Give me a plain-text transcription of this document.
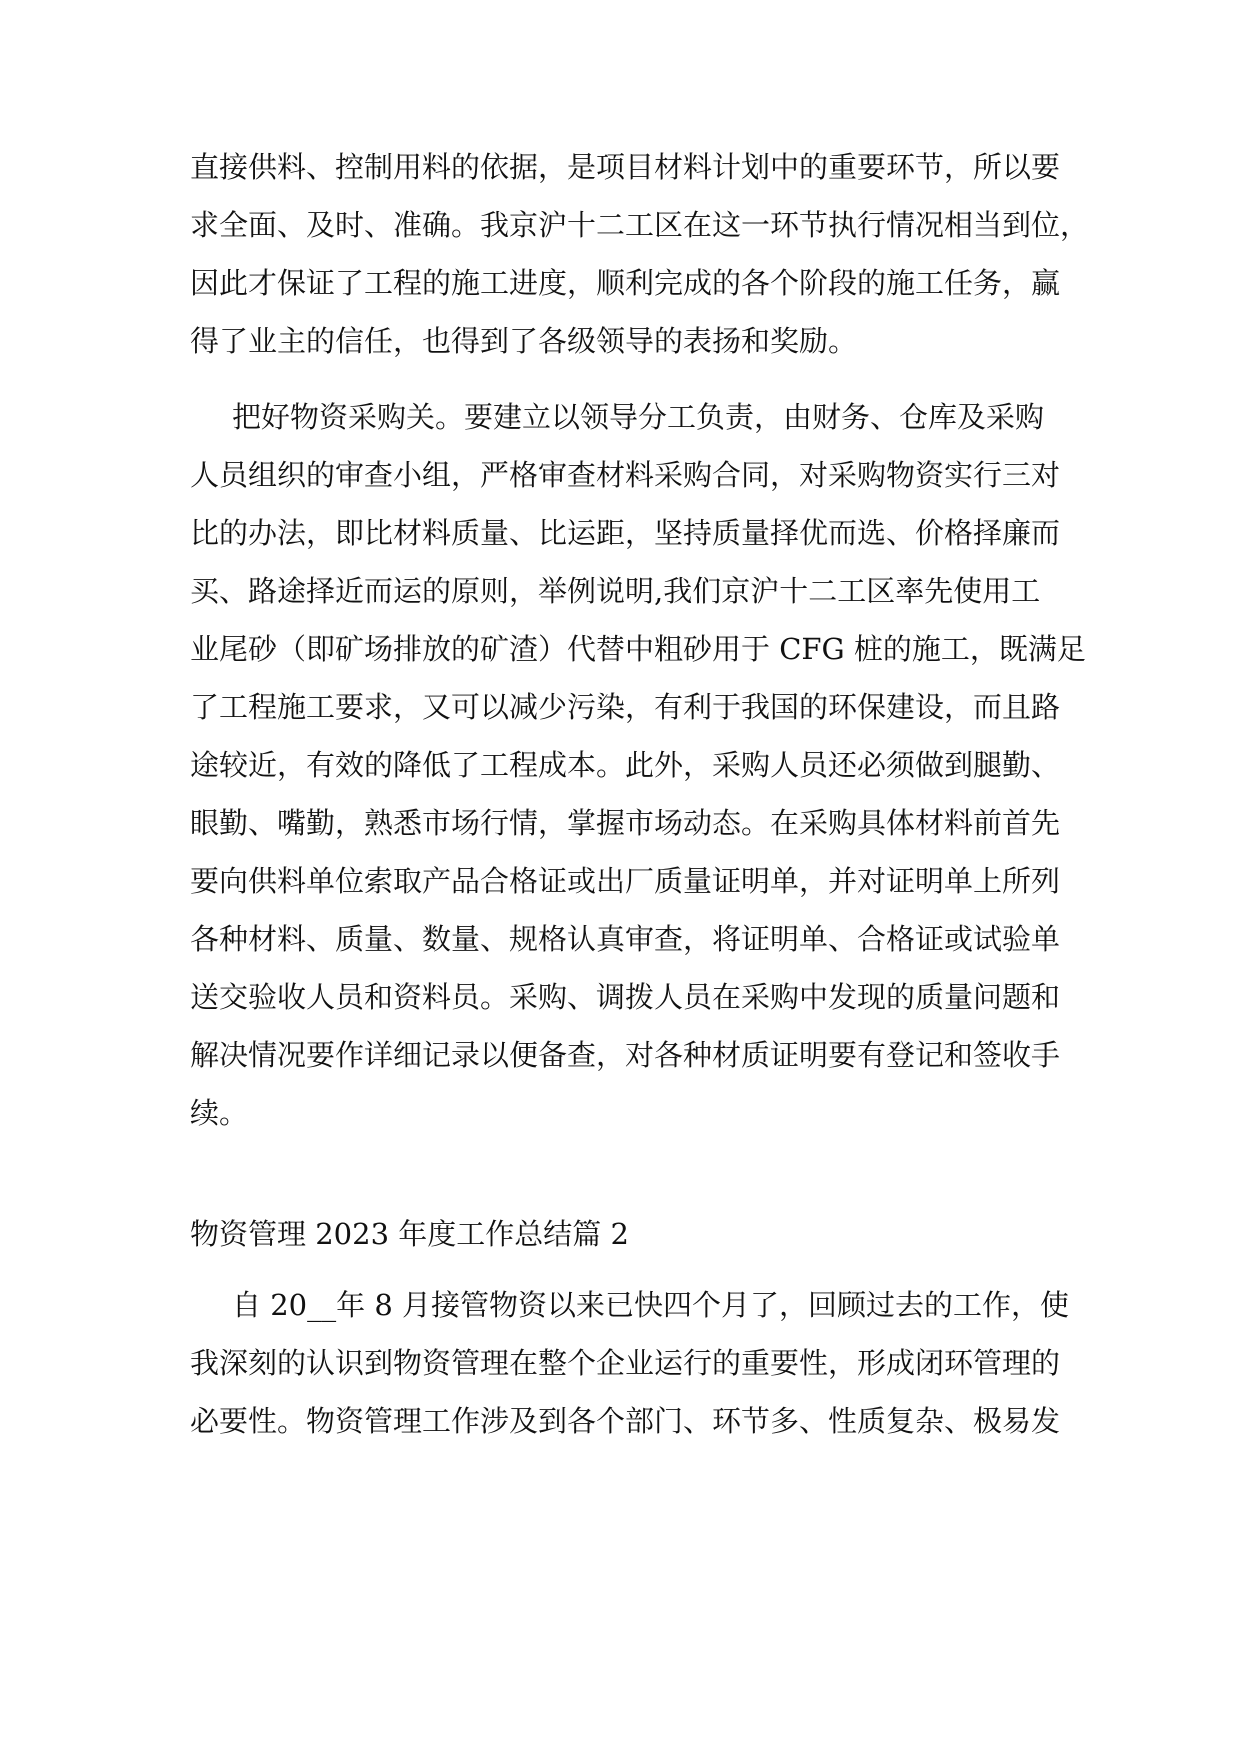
直接供料、控制用料的依据，是项目材料计划中的重要环节，所以要

求全面、及时、准确。我京沪十二工区在这一环节执行情况相当到位，

因此才保证了工程的施工进度，顺利完成的各个阶段的施工任务，赢

得了业主的信任，也得到了各级领导的表扬和奖励。

把好物资采购关。要建立以领导分工负责，由财务、仓库及采购

人员组织的审查小组，严格审查材料采购合同，对采购物资实行三对

比的办法，即比材料质量、比运距，坚持质量择优而选、价格择廉而

买、路途择近而运的原则，举例说明,我们京沪十二工区率先使用工

业尾砂（即矿场排放的矿渣）代替中粗砂用于 CFG 桩的施工，既满足

了工程施工要求，又可以减少污染，有利于我国的环保建设，而且路

途较近，有效的降低了工程成本。此外，采购人员还必须做到腿勤、

眼勤、嘴勤，熟悉市场行情，掌握市场动态。在采购具体材料前首先

要向供料单位索取产品合格证或出厂质量证明单，并对证明单上所列

各种材料、质量、数量、规格认真审查，将证明单、合格证或试验单

送交验收人员和资料员。采购、调拨人员在采购中发现的质量问题和

解决情况要作详细记录以便备查，对各种材质证明要有登记和签收手

续。

物资管理 2023 年度工作总结篇 2

自 20__年 8 月接管物资以来已快四个月了，回顾过去的工作，使

我深刻的认识到物资管理在整个企业运行的重要性，形成闭环管理的

必要性。物资管理工作涉及到各个部门、环节多、性质复杂、极易发
